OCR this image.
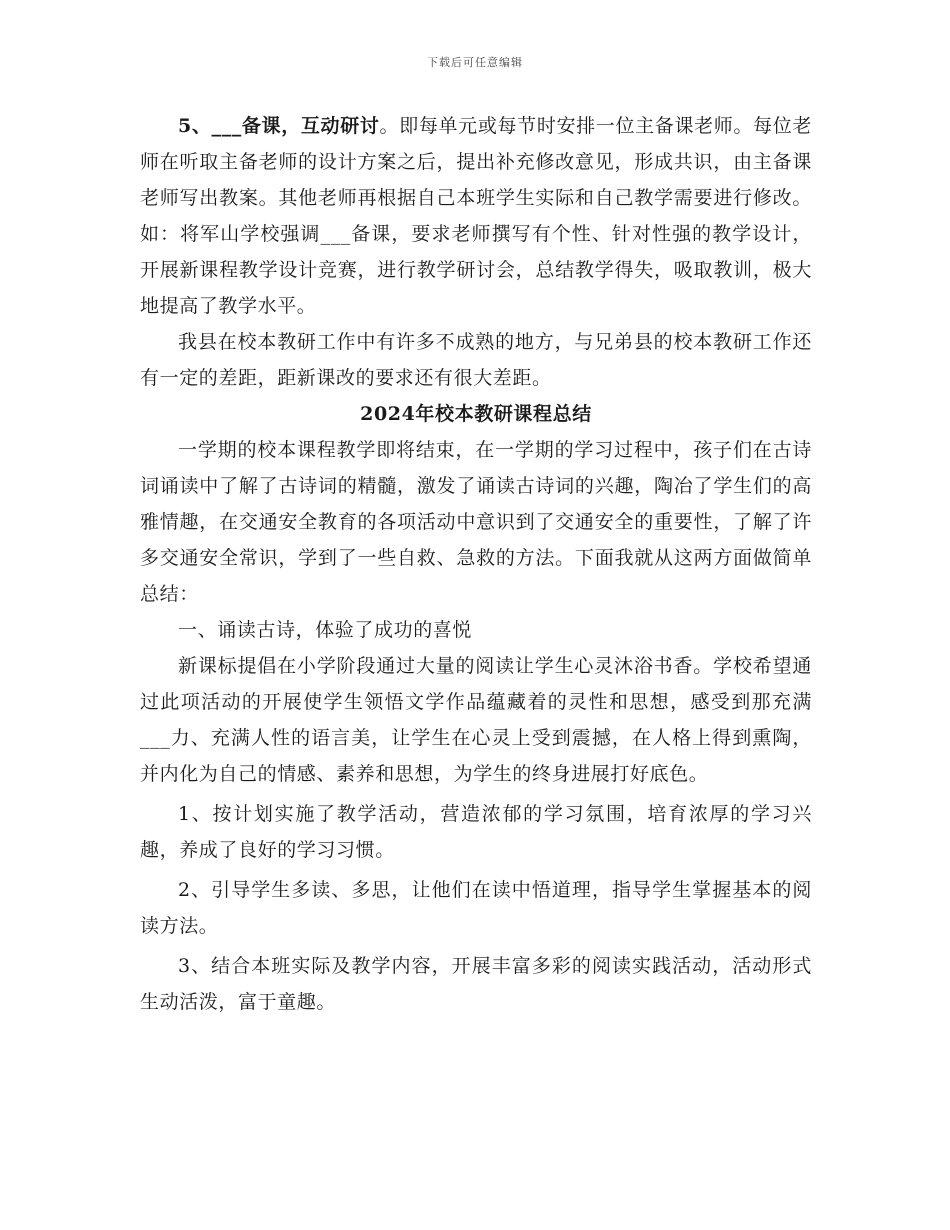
下载后可任意编辑

5、___备课，互动研讨。即每单元或每节时安排一位主备课老师。每位老师在听取主备老师的设计方案之后，提出补充修改意见，形成共识，由主备课老师写出教案。其他老师再根据自己本班学生实际和自己教学需要进行修改。如：将军山学校强调___备课，要求老师撰写有个性、针对性强的教学设计，开展新课程教学设计竞赛，进行教学研讨会，总结教学得失，吸取教训，极大地提高了教学水平。

我县在校本教研工作中有许多不成熟的地方，与兄弟县的校本教研工作还有一定的差距，距新课改的要求还有很大差距。

2024年校本教研课程总结

一学期的校本课程教学即将结束，在一学期的学习过程中，孩子们在古诗词诵读中了解了古诗词的精髓，激发了诵读古诗词的兴趣，陶冶了学生们的高雅情趣，在交通安全教育的各项活动中意识到了交通安全的重要性，了解了许多交通安全常识，学到了一些自救、急救的方法。下面我就从这两方面做简单总结：

一、诵读古诗，体验了成功的喜悦

新课标提倡在小学阶段通过大量的阅读让学生心灵沐浴书香。学校希望通过此项活动的开展使学生领悟文学作品蕴藏着的灵性和思想，感受到那充满___力、充满人性的语言美，让学生在心灵上受到震撼，在人格上得到熏陶，并内化为自己的情感、素养和思想，为学生的终身进展打好底色。

1、按计划实施了教学活动，营造浓郁的学习氛围，培育浓厚的学习兴趣，养成了良好的学习习惯。

2、引导学生多读、多思，让他们在读中悟道理，指导学生掌握基本的阅读方法。

3、结合本班实际及教学内容，开展丰富多彩的阅读实践活动，活动形式生动活泼，富于童趣。
